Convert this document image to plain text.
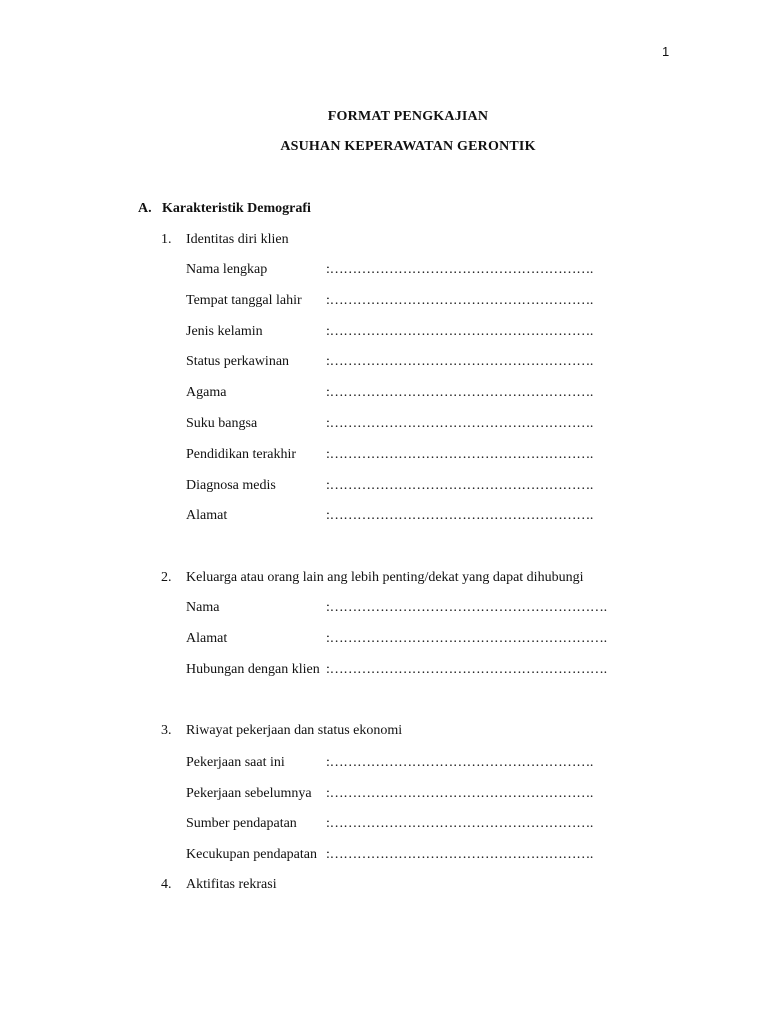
1
FORMAT PENGKAJIAN
ASUHAN KEPERAWATAN GERONTIK
A. Karakteristik Demografi
1. Identitas diri klien
Nama lengkap	:………………………………………………….
Tempat tanggal lahir :………………………………………………….
Jenis kelamin	:………………………………………………….
Status perkawinan	:………………………………………………….
Agama	:………………………………………………….
Suku bangsa	:………………………………………………….
Pendidikan terakhir :………………………………………………….
Diagnosa medis	:………………………………………………….
Alamat	:………………………………………………….
2. Keluarga atau orang lain ang lebih penting/dekat yang dapat dihubungi
Nama	:…………………………………………………….
Alamat	:…………………………………………………….
Hubungan dengan klien :…………………………………………………….
3. Riwayat pekerjaan dan status ekonomi
Pekerjaan saat ini	:………………………………………………….
Pekerjaan sebelumnya :………………………………………………….
Sumber pendapatan :………………………………………………….
Kecukupan pendapatan :………………………………………………….
4. Aktifitas rekrasi
